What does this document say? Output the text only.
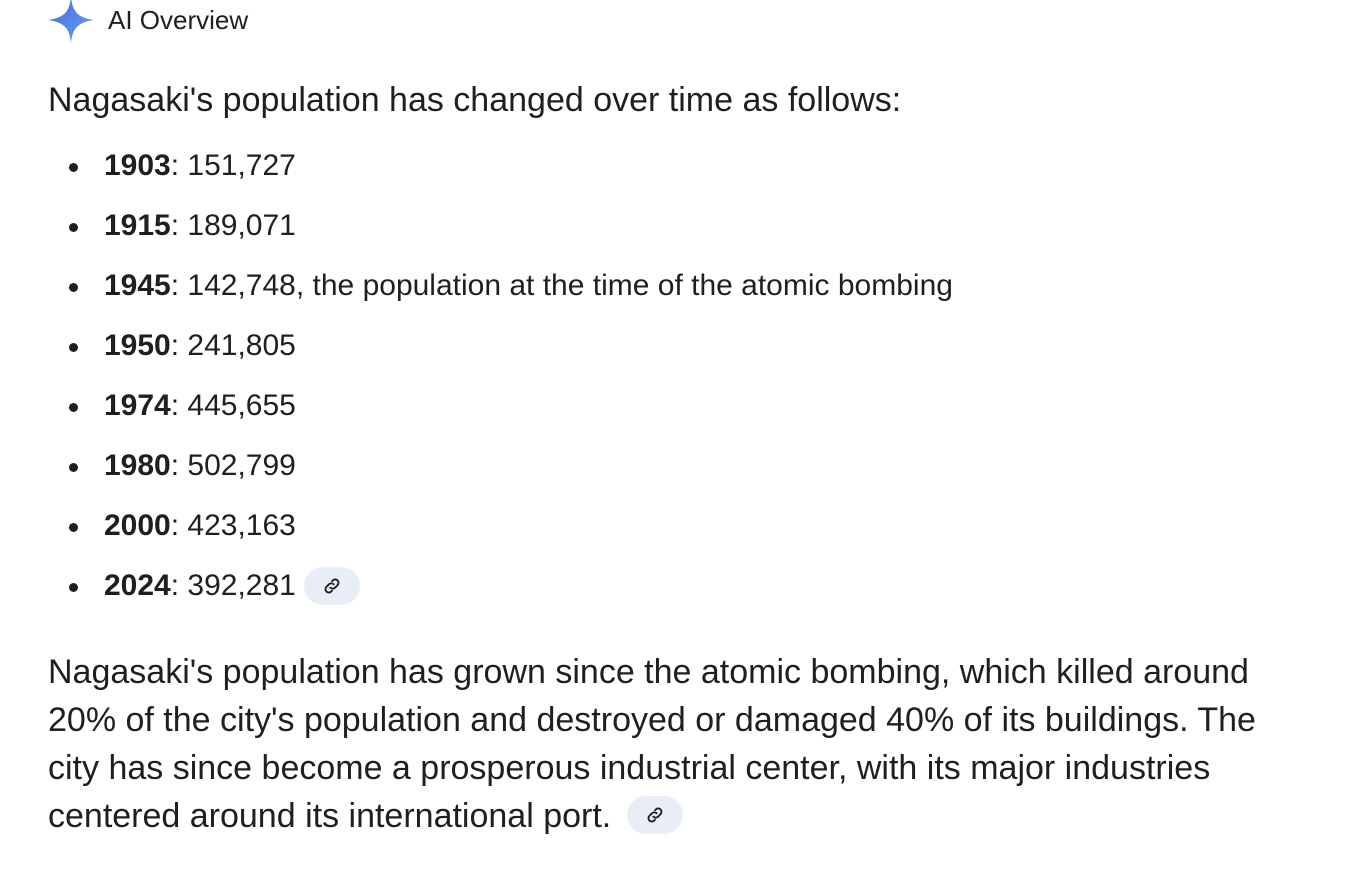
AI Overview
Nagasaki's population has changed over time as follows:
1903 : 151,727
1915 : 189,071
1945 : 142,748, the population at the time of the atomic bombing
1950 : 241,805
1974 : 445,655
1980 : 502,799
2000 : 423,163
2024 : 392,281
Nagasaki's population has grown since the atomic bombing, which killed around 20% of the city's population and destroyed or damaged 40% of its buildings. The city has since become a prosperous industrial center, with its major industries centered around its international port.
